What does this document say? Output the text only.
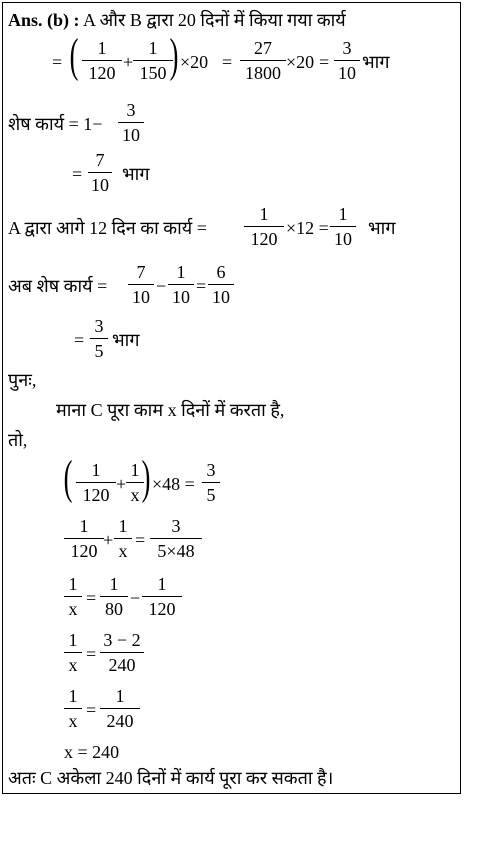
Ans. (b) : A और B द्वारा 20 दिनों में किया गया कार्य
= (	1
120
+
1
150 ) ×20 =
27
1800
×20 =
3
10
भाग
शेष कार्य = 1−
3
10
=
7
10
भाग
A द्वारा आगे 12 दिन का कार्य =
1
120
×12 =
1
10
भाग
अब शेष कार्य =
7
10
−
1
10
=
6
10
=
3
5
भाग
पुनः,
माना C पूरा काम x दिनों में करता है,
तो,
(	1
120
+
1
x ) ×48 =
3
5
1
120
+
1
x
=
3
5×48
1
x
=
1
80
−
1
120
1
x
=
3 − 2
240
1
x
=
1
240
x = 240
अतः C अकेला 240 दिनों में कार्य पूरा कर सकता है।
